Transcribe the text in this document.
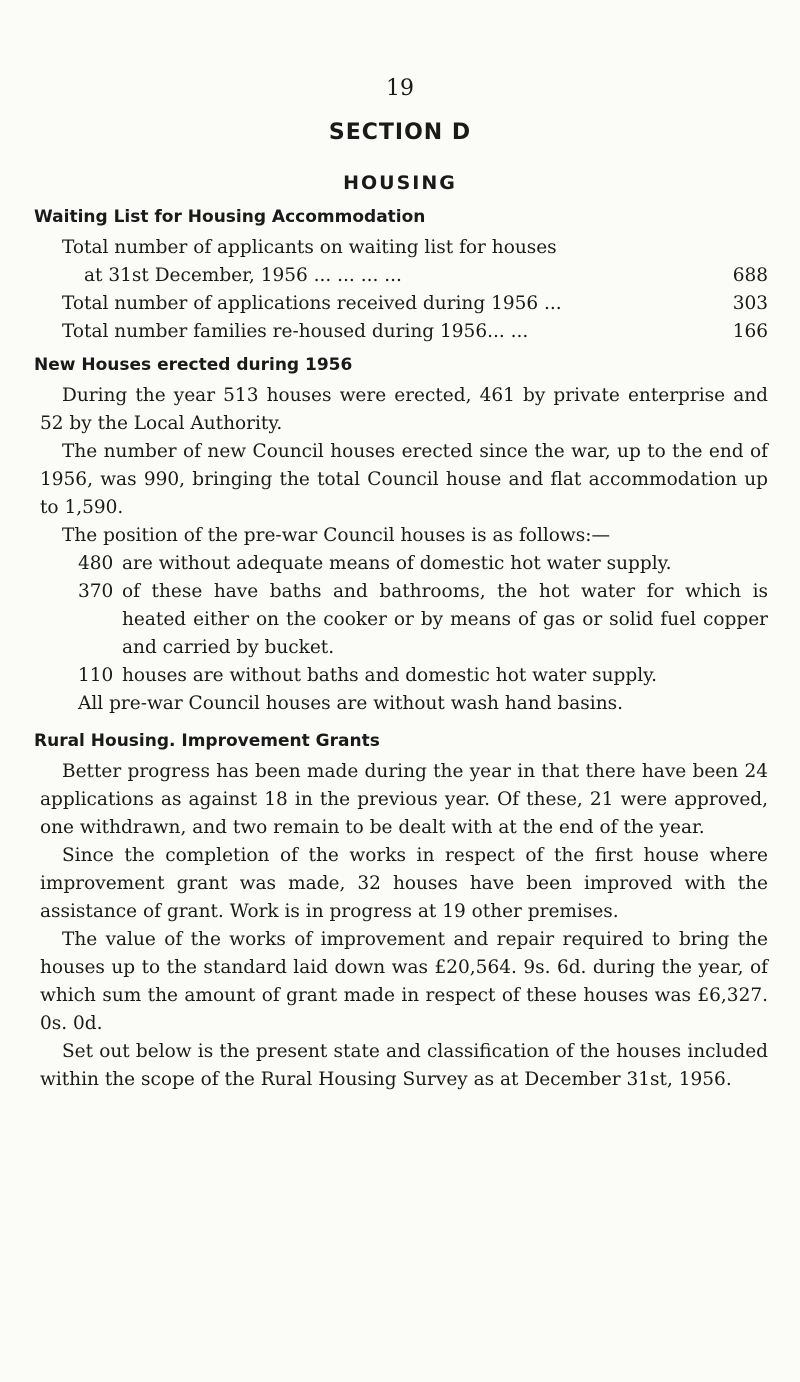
19
SECTION D
HOUSING
Waiting List for Housing Accommodation
Total number of applicants on waiting list for houses
at 31st December, 1956 ... ... ... ...	688
Total number of applications received during 1956 ...	303
Total number families re-housed during 1956... ...	166
New Houses erected during 1956

During the year 513 houses were erected, 461 by private enterprise and 52 by the Local Authority.

The number of new Council houses erected since the war, up to the end of 1956, was 990, bringing the total Council house and flat accommodation up to 1,590.

The position of the pre-war Council houses is as follows:—

480 are without adequate means of domestic hot water supply.
370 of these have baths and bathrooms, the hot water for which is heated either on the cooker or by means of gas or solid fuel copper and carried by bucket.
110 houses are without baths and domestic hot water supply.

All pre-war Council houses are without wash hand basins.

Rural Housing. Improvement Grants

Better progress has been made during the year in that there have been 24 applications as against 18 in the previous year. Of these, 21 were approved, one withdrawn, and two remain to be dealt with at the end of the year.

Since the completion of the works in respect of the first house where improvement grant was made, 32 houses have been improved with the assistance of grant. Work is in progress at 19 other premises.

The value of the works of improvement and repair required to bring the houses up to the standard laid down was £20,564. 9s. 6d. during the year, of which sum the amount of grant made in respect of these houses was £6,327. 0s. 0d.

Set out below is the present state and classification of the houses included within the scope of the Rural Housing Survey as at December 31st, 1956.
